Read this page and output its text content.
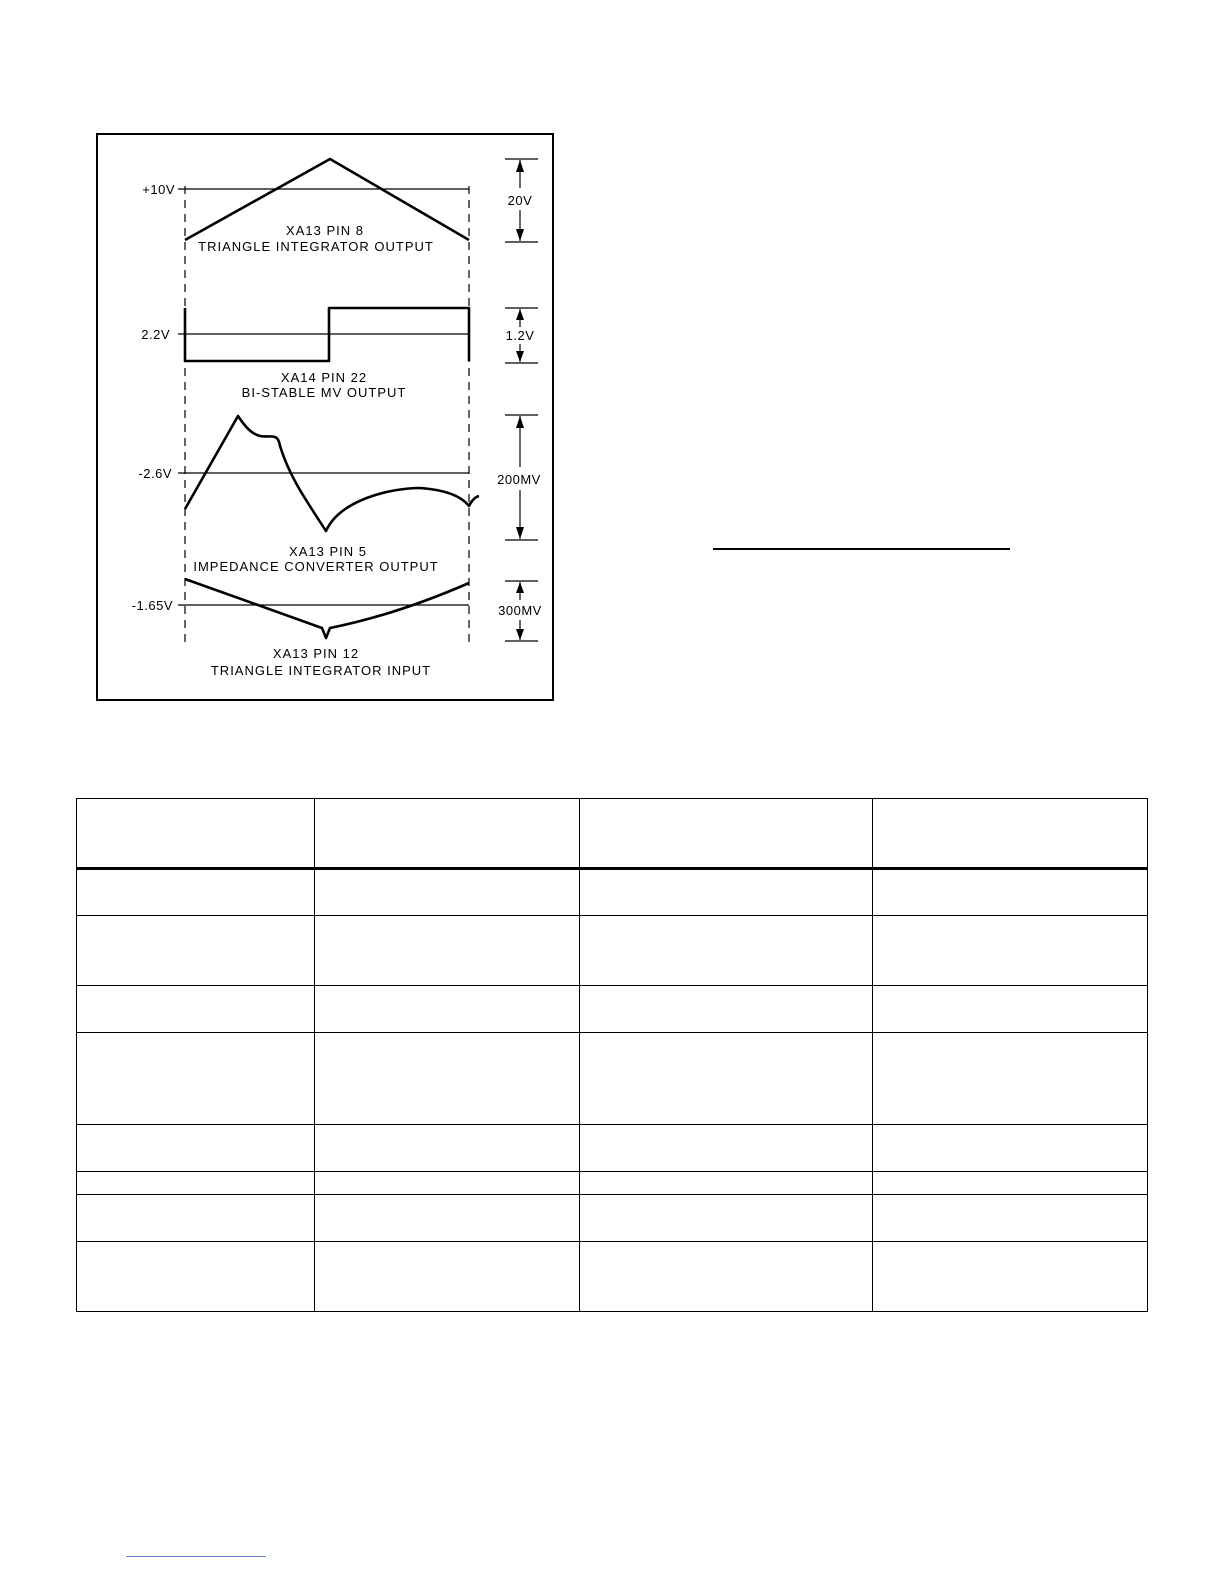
+10V
XA13 PIN 8
TRIANGLE INTEGRATOR OUTPUT
20V
2.2V
XA14 PIN 22
BI-STABLE MV OUTPUT
1.2V
-2.6V
XA13 PIN 5
IMPEDANCE CONVERTER OUTPUT
200MV
-1.65V
XA13 PIN 12
TRIANGLE INTEGRATOR INPUT
300MV
